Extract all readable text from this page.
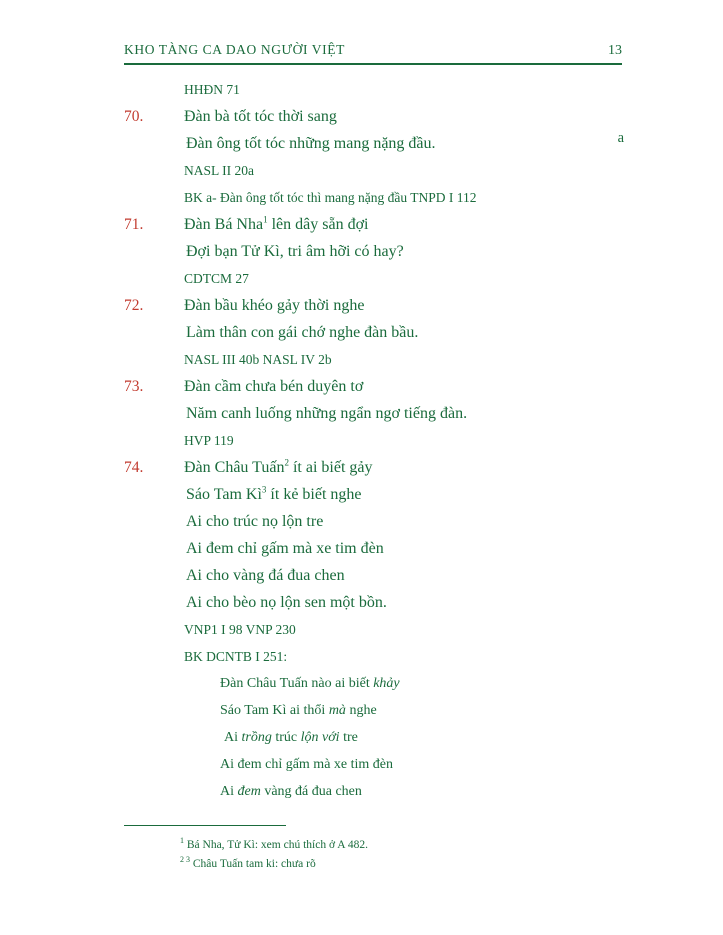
KHO TÀNG CA DAO NGƯỜI VIỆT	13
HHĐN 71
70.	Đàn bà tốt tóc thời sang
Đàn ông tốt tóc những mang nặng đầu.	a
NASL II 20a
BK a- Đàn ông tốt tóc thì mang nặng đầu TNPD I 112
71.	Đàn Bá Nha$^1$ lên dây sẵn đợi
Đợi bạn Tử Kì, tri âm hỡi có hay?
CDTCM 27
72.	Đàn bầu khéo gảy thời nghe
Làm thân con gái chớ nghe đàn bầu.
NASL III 40b NASL IV 2b
73.	Đàn cầm chưa bén duyên tơ
Năm canh luống những ngẩn ngơ tiếng đàn.
HVP 119
74.	Đàn Châu Tuấn$^2$ ít ai biết gảy
Sáo Tam $Kì^3$ ít kẻ biết nghe
Ai cho trúc nọ lộn tre
Ai đem chỉ gấm mà xe tim đèn
Ai cho vàng đá đua chen
Ai cho bèo nọ lộn sen một bồn.
VNP1 I 98 VNP 230
BK DCNTB I 251:
Đàn Châu Tuấn nào ai biết khảy
Sáo Tam Kì ai thổi mà nghe
Ai trồng trúc lộn với tre
Ai đem chỉ gấm mà xe tim đèn
Ai đem vàng đá đua chen
$^1$ Bá Nha, Tử Kì: xem chú thích ở A 482.
$^{2 3}$ Châu Tuấn tam ki: chưa rõ
